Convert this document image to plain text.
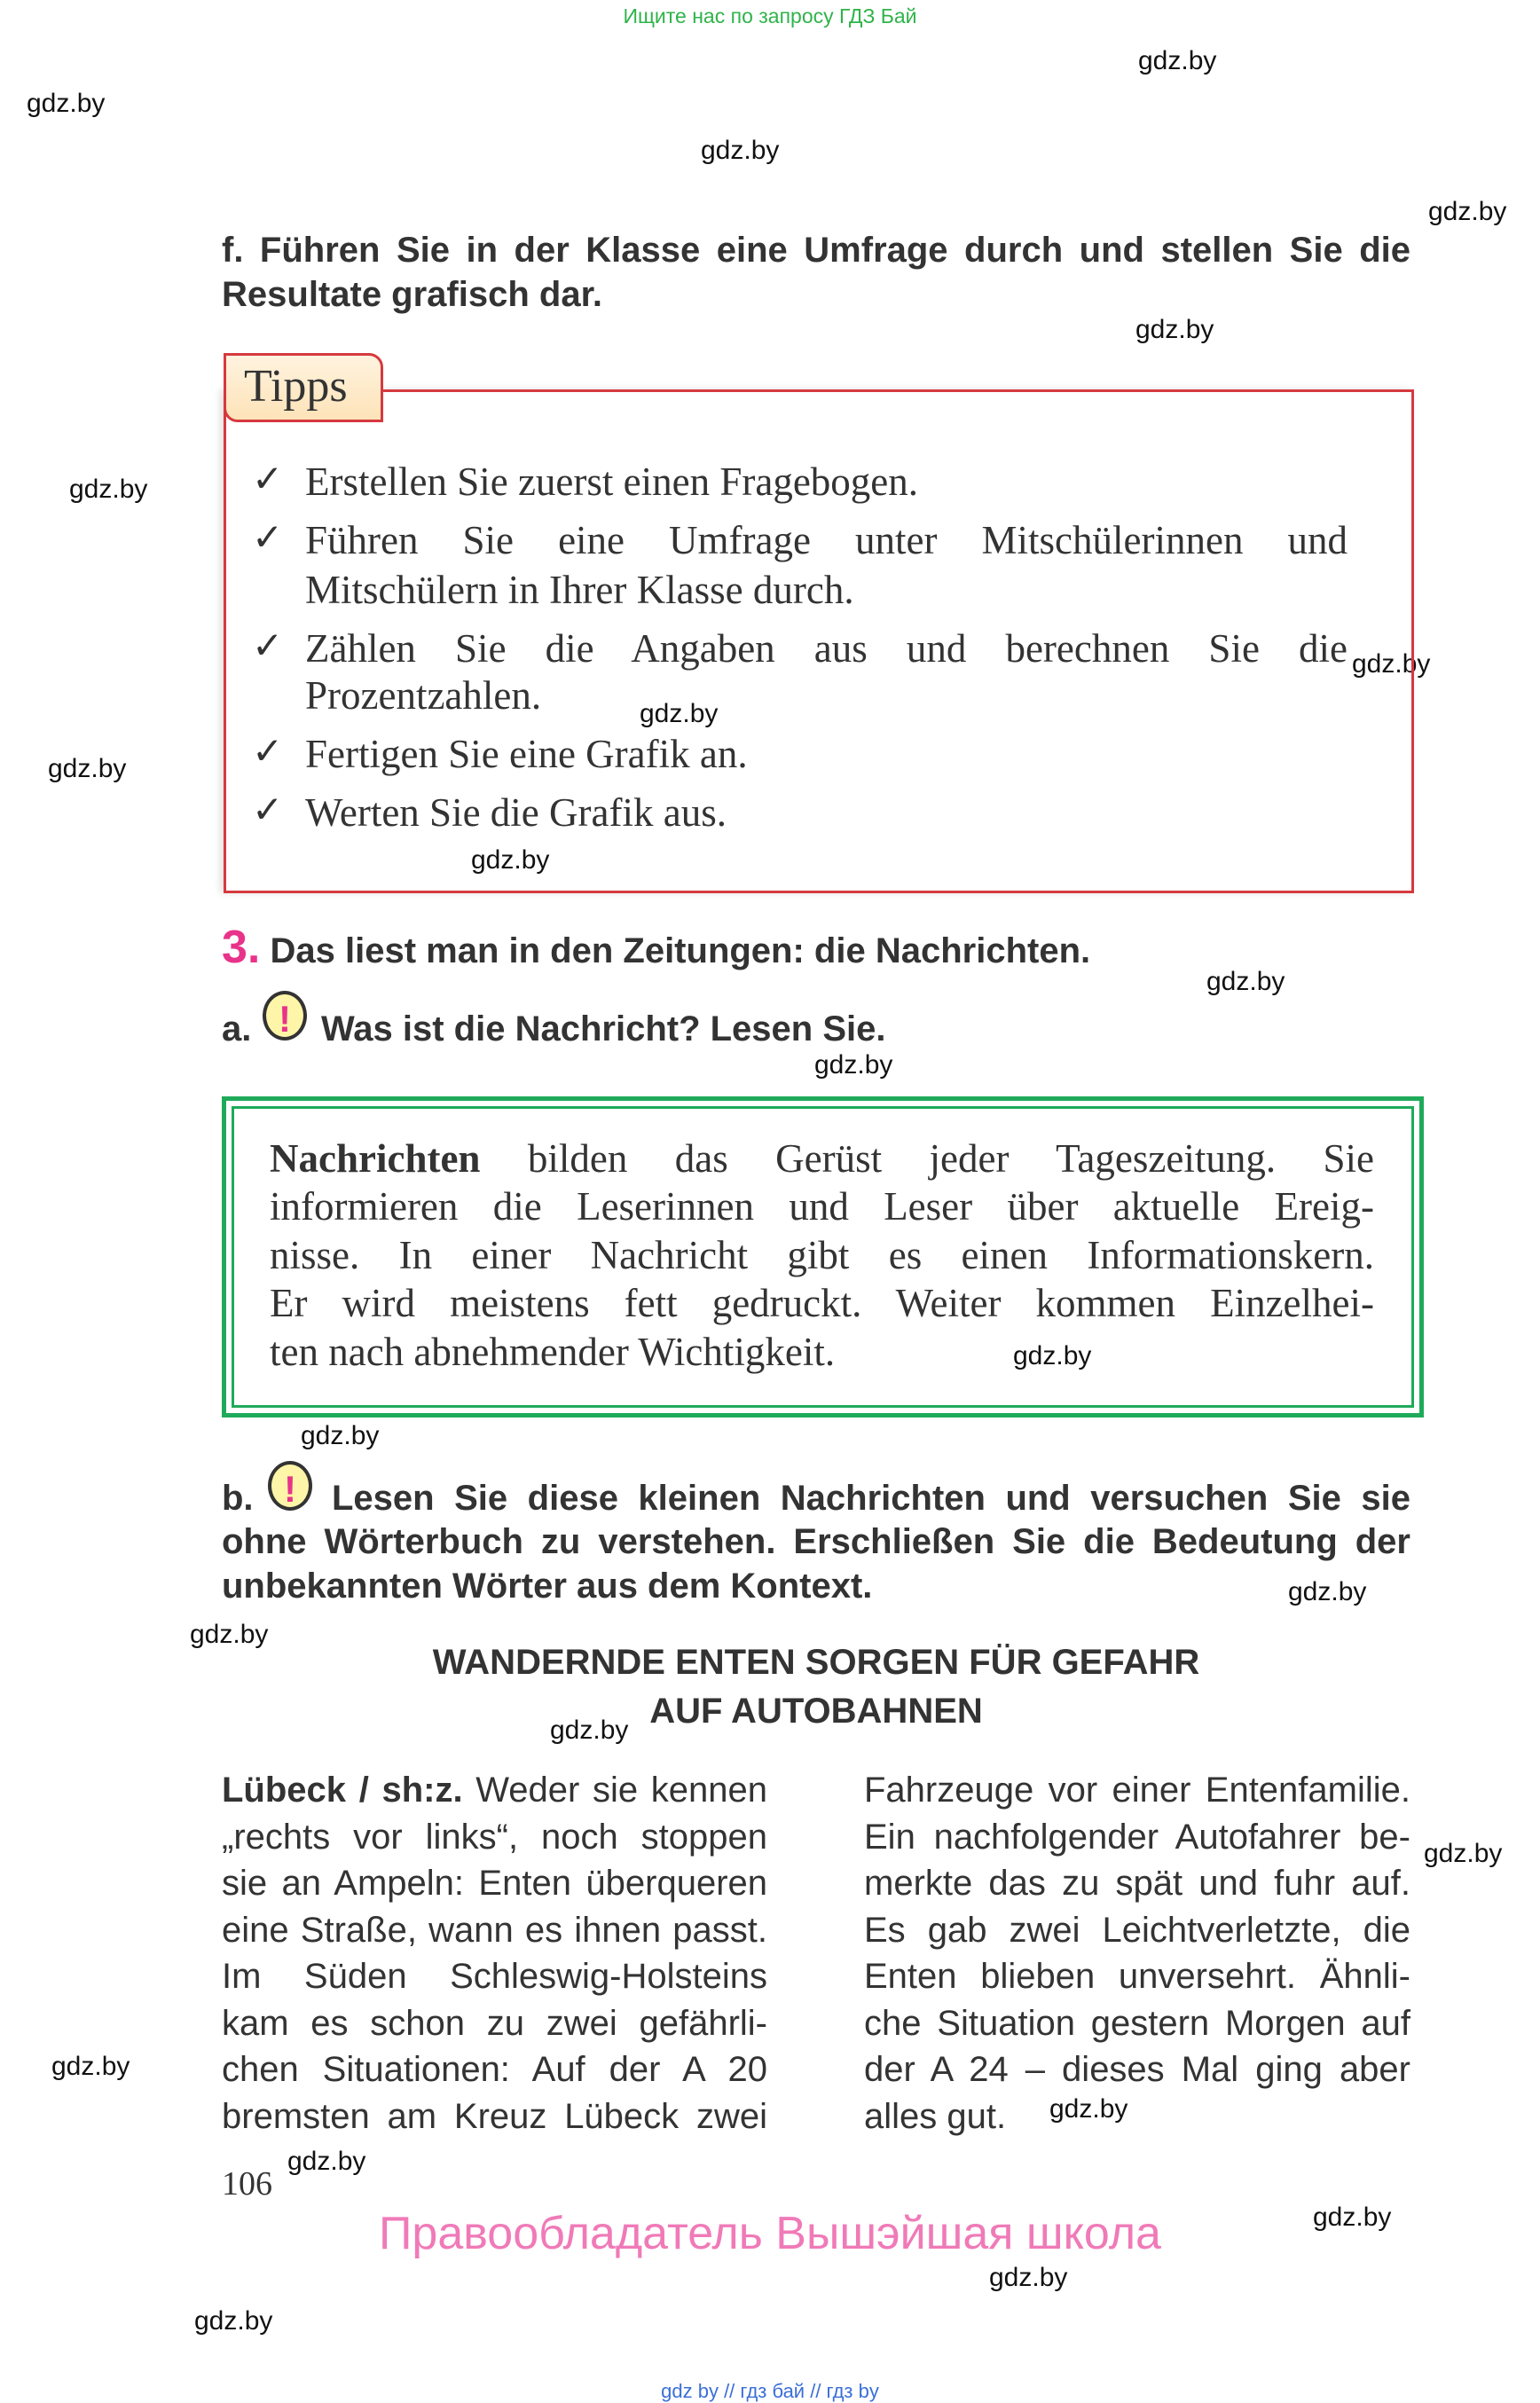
Ищите нас по запросу ГДЗ Бай
gdz.by
gdz.by
gdz.by
gdz.by
gdz.by
gdz.by
gdz.by
gdz.by
gdz.by
gdz.by
gdz.by
gdz.by
gdz.by
gdz.by
gdz.by
gdz.by
gdz.by
gdz.by
gdz.by
gdz.by
gdz.by
gdz.by
gdz.by
gdz.by
f. Führen Sie in der Klasse eine Umfrage durch und stellen Sie die
Resultate grafisch dar.
Tipps
Erstellen Sie zuerst einen Fragebogen.
✓
Führen Sie eine Umfrage unter Mitschülerinnen und
✓
Mitschülern in Ihrer Klasse durch.
Zählen Sie die Angaben aus und berechnen Sie die
✓
Prozentzahlen.
Fertigen Sie eine Grafik an.
✓
Werten Sie die Grafik aus.
✓
3. Das liest man in den Zeitungen: die Nachrichten.
a. ! Was ist die Nachricht? Lesen Sie.
Nachrichten bilden das Gerüst jeder Tageszeitung. Sie
informieren die Leserinnen und Leser über aktuelle Ereig-
nisse. In einer Nachricht gibt es einen Informationskern.
Er wird meistens fett gedruckt. Weiter kommen Einzelhei-
ten nach abnehmender Wichtigkeit.
b. !	Lesen Sie diese kleinen Nachrichten und versuchen Sie sie
ohne Wörterbuch zu verstehen. Erschließen Sie die Bedeutung der
unbekannten Wörter aus dem Kontext.
WANDERNDE ENTEN SORGEN FÜR GEFAHR
AUF AUTOBAHNEN
Lübeck / sh:z. Weder sie kennen	Fahrzeuge vor einer Entenfamilie.
„rechts vor links“, noch stoppen	Ein nachfolgender Autofahrer be-
sie an Ampeln: Enten überqueren	merkte das zu spät und fuhr auf.
eine Straße, wann es ihnen passt.	Es gab zwei Leichtverletzte, die
Im Süden Schleswig-Holsteins	Enten blieben unversehrt. Ähnli-
kam es schon zu zwei gefährli-	che Situation gestern Morgen auf
chen Situationen: Auf der A 20	der A 24 – dieses Mal ging aber
bremsten am Kreuz Lübeck zwei	alles gut.
106
Правообладатель Вышэйшая школа
gdz by // гдз бай // гдз by
